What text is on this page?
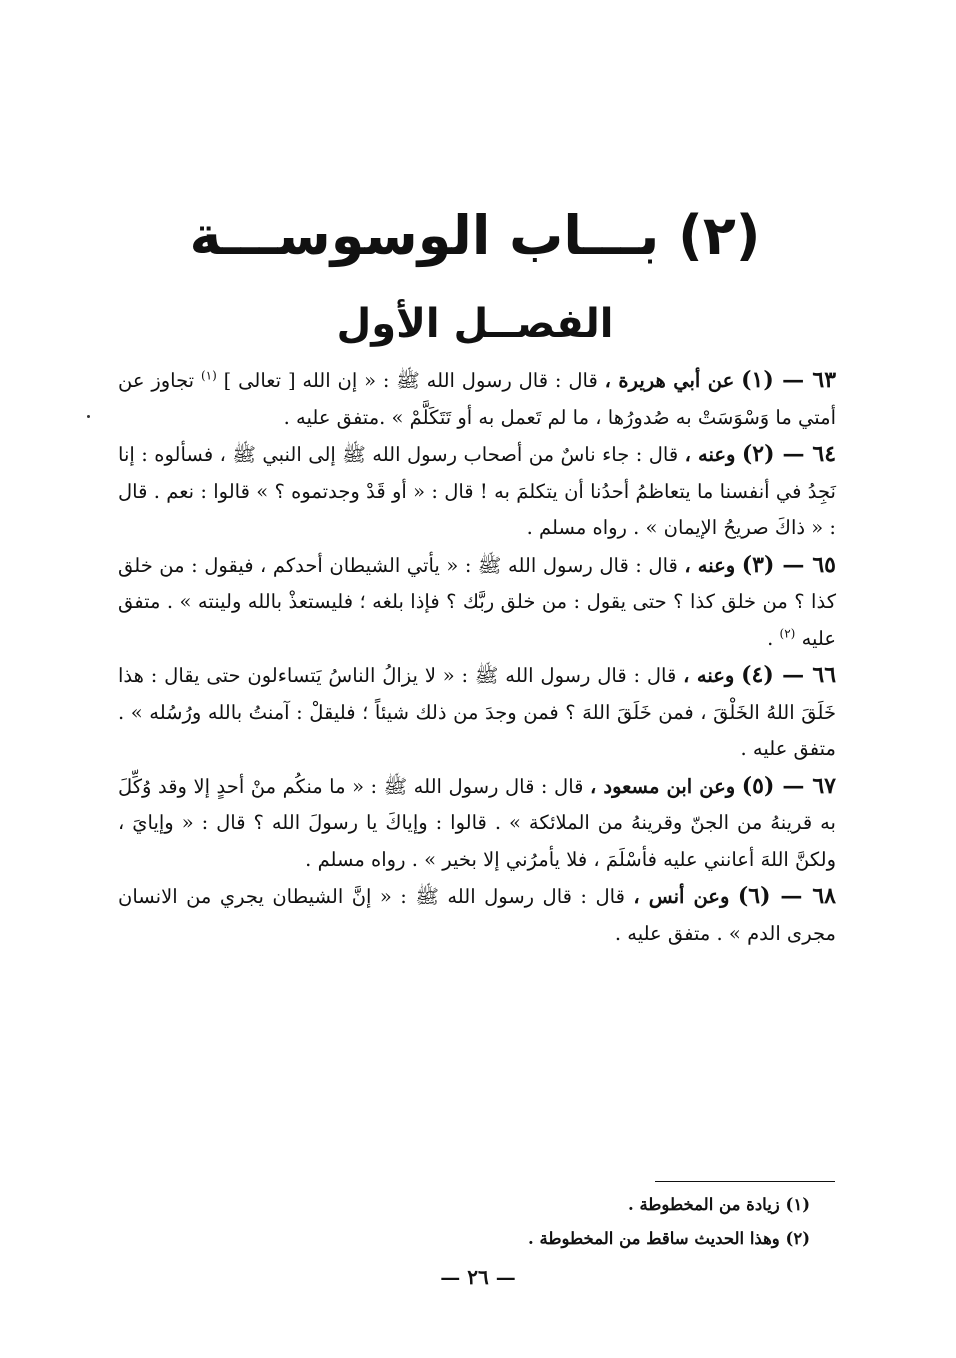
(٢) بـــاب الوسوســـة
الفصــل الأول

٦٣ — (١) عن أبي هريرة ، قال : قال رسول الله ﷺ : « إن الله [ تعالى ] $^{(١)}$ تجاوز عن أمتي ما وَسْوَسَتْ به صُدورُها ، ما لم تَعمل به أو تَتَكَلَّمْ » .متفق عليه .

٦٤ — (٢) وعنه ، قال : جاء ناسٌ من أصحاب رسول الله ﷺ إلى النبي ﷺ ، فسألوه : إنا نَجِدُ في أنفسنا ما يتعاظمُ أحدُنا أن يتكلمَ به ! قال : « أو قَدْ وجدتموه ؟ » قالوا : نعم . قال : « ذاكَ صريحُ الإيمان » . رواه مسلم .

٦٥ — (٣) وعنه ، قال : قال رسول الله ﷺ : « يأتي الشيطان أحدكم ، فيقول : من خلق كذا ؟ من خلق كذا ؟ حتى يقول : من خلق ربَّك ؟ فإذا بلغه ؛ فليستعذْ بالله ولينته » . متفق عليه $^{(٢)}$ .

٦٦ — (٤) وعنه ، قال : قال رسول الله ﷺ : « لا يزالُ الناسُ يَتساءلون حتى يقال : هذا خَلَقَ اللهُ الخَلْقَ ، فمن خَلَقَ اللهَ ؟ فمن وجدَ من ذلك شيئاً ؛ فليقلْ : آمنتُ بالله ورُسُله » . متفق عليه .

٦٧ — (٥) وعن ابن مسعود ، قال : قال رسول الله ﷺ : « ما منكُم منْ أحدٍ إلا وقد وُكِّلَ به قرينهُ من الجنّ وقرينهُ من الملائكة » . قالوا : وإياكَ يا رسولَ الله ؟ قال : « وإيايَ ، ولكنَّ اللهَ أعانني عليه فأسْلَمَ ، فلا يأمرُني إلا بخير » . رواه مسلم .

٦٨ — (٦) وعن أنس ، قال : قال رسول الله ﷺ : « إنَّ الشيطان يجري من الانسان مجرى الدم » . متفق عليه .

(١) زيادة من المخطوطة .

(٢) وهذا الحديث ساقط من المخطوطة .

— ٢٦ —
